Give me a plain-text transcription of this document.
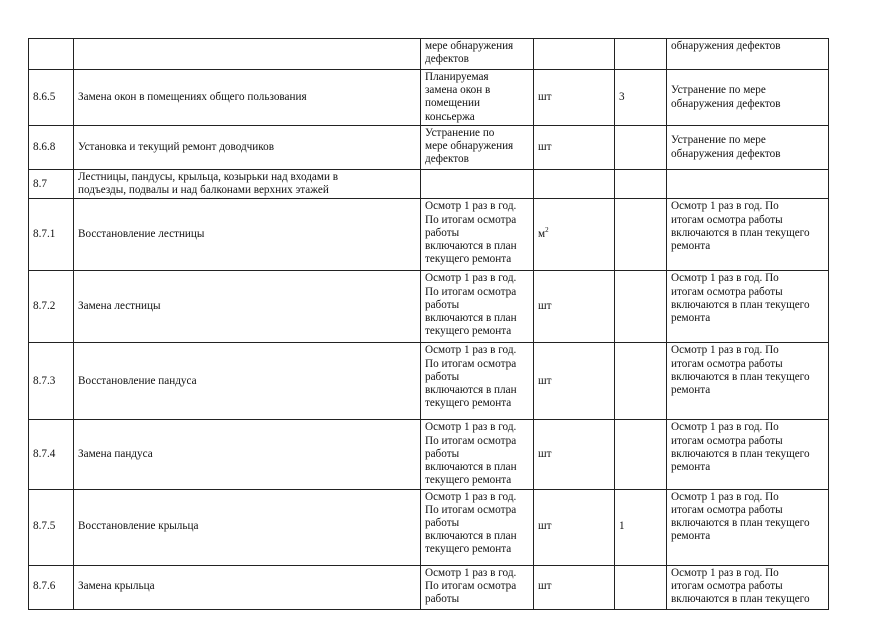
		мере обнаружения
дефектов			обнаружения дефектов

8.6.5	Замена окон в помещениях общего пользования	Планируемая
замена окон в
помещении
консьержа	шт	3	Устранение по мере
обнаружения дефектов

8.6.8	Установка и текущий ремонт доводчиков	Устранение по
мере обнаружения
дефектов	шт		Устранение по мере
обнаружения дефектов

8.7	Лестницы, пандусы, крыльца, козырьки над входами в
подъезды, подвалы и над балконами верхних этажей				

8.7.1	Восстановление лестницы	Осмотр 1 раз в год.
По итогам осмотра
работы
включаются в план
текущего ремонта	$м^2$		Осмотр 1 раз в год. По
итогам осмотра работы
включаются в план текущего
ремонта

8.7.2	Замена лестницы	Осмотр 1 раз в год.
По итогам осмотра
работы
включаются в план
текущего ремонта	шт		Осмотр 1 раз в год. По
итогам осмотра работы
включаются в план текущего
ремонта

8.7.3	Восстановление пандуса	Осмотр 1 раз в год.
По итогам осмотра
работы
включаются в план
текущего ремонта	шт		Осмотр 1 раз в год. По
итогам осмотра работы
включаются в план текущего
ремонта

8.7.4	Замена пандуса	Осмотр 1 раз в год.
По итогам осмотра
работы
включаются в план
текущего ремонта	шт		Осмотр 1 раз в год. По
итогам осмотра работы
включаются в план текущего
ремонта

8.7.5	Восстановление крыльца	Осмотр 1 раз в год.
По итогам осмотра
работы
включаются в план
текущего ремонта	шт	1	Осмотр 1 раз в год. По
итогам осмотра работы
включаются в план текущего
ремонта

8.7.6	Замена крыльца	Осмотр 1 раз в год.
По итогам осмотра
работы	шт		Осмотр 1 раз в год. По
итогам осмотра работы
включаются в план текущего
